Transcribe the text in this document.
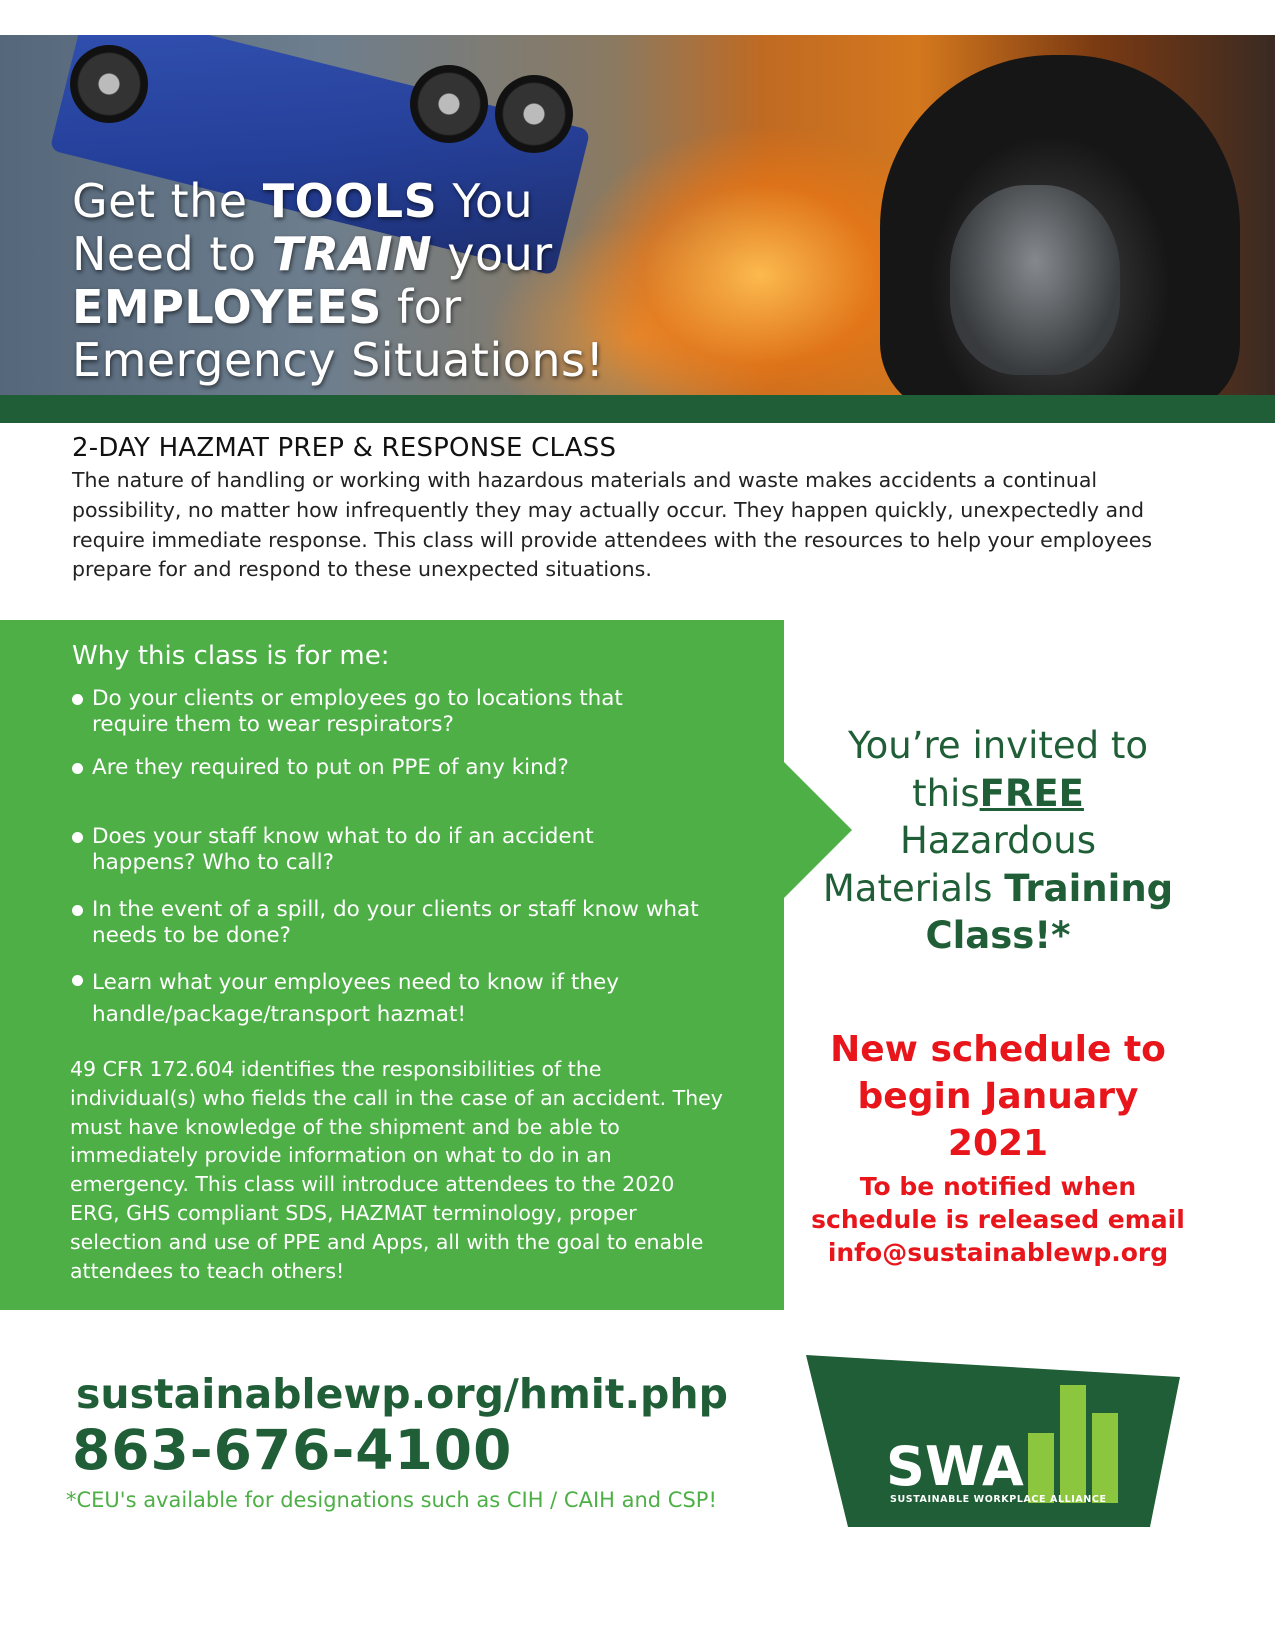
Get the TOOLS You
Need to TRAIN your
EMPLOYEES for
Emergency Situations!
2-DAY HAZMAT PREP & RESPONSE CLASS
The nature of handling or working with hazardous materials and waste makes accidents a continual possibility, no matter how infrequently they may actually occur. They happen quickly, unexpectedly and require immediate response. This class will provide attendees with the resources to help your employees prepare for and respond to these unexpected situations.
Why this class is for me:
Do your clients or employees go to locations that require them to wear respirators?
Are they required to put on PPE of any kind?
Does your staff know what to do if an accident happens? Who to call?
In the event of a spill, do your clients or staff know what needs to be done?
Learn what your employees need to know if they handle/package/transport hazmat!
49 CFR 172.604 identifies the responsibilities of the individual(s) who fields the call in the case of an accident. They must have knowledge of the shipment and be able to immediately provide information on what to do in an emergency. This class will introduce attendees to the 2020 ERG, GHS compliant SDS, HAZMAT terminology, proper selection and use of PPE and Apps, all with the goal to enable attendees to teach others!
You’re invited to
thisFREE
Hazardous
Materials Training
Class!*
New schedule to
begin January
2021
To be notified when
schedule is released email
info@sustainablewp.org
sustainablewp.org/hmit.php
863-676-4100
*CEU's available for designations such as CIH / CAIH and CSP!
SWA
SUSTAINABLE WORKPLACE ALLIANCE
